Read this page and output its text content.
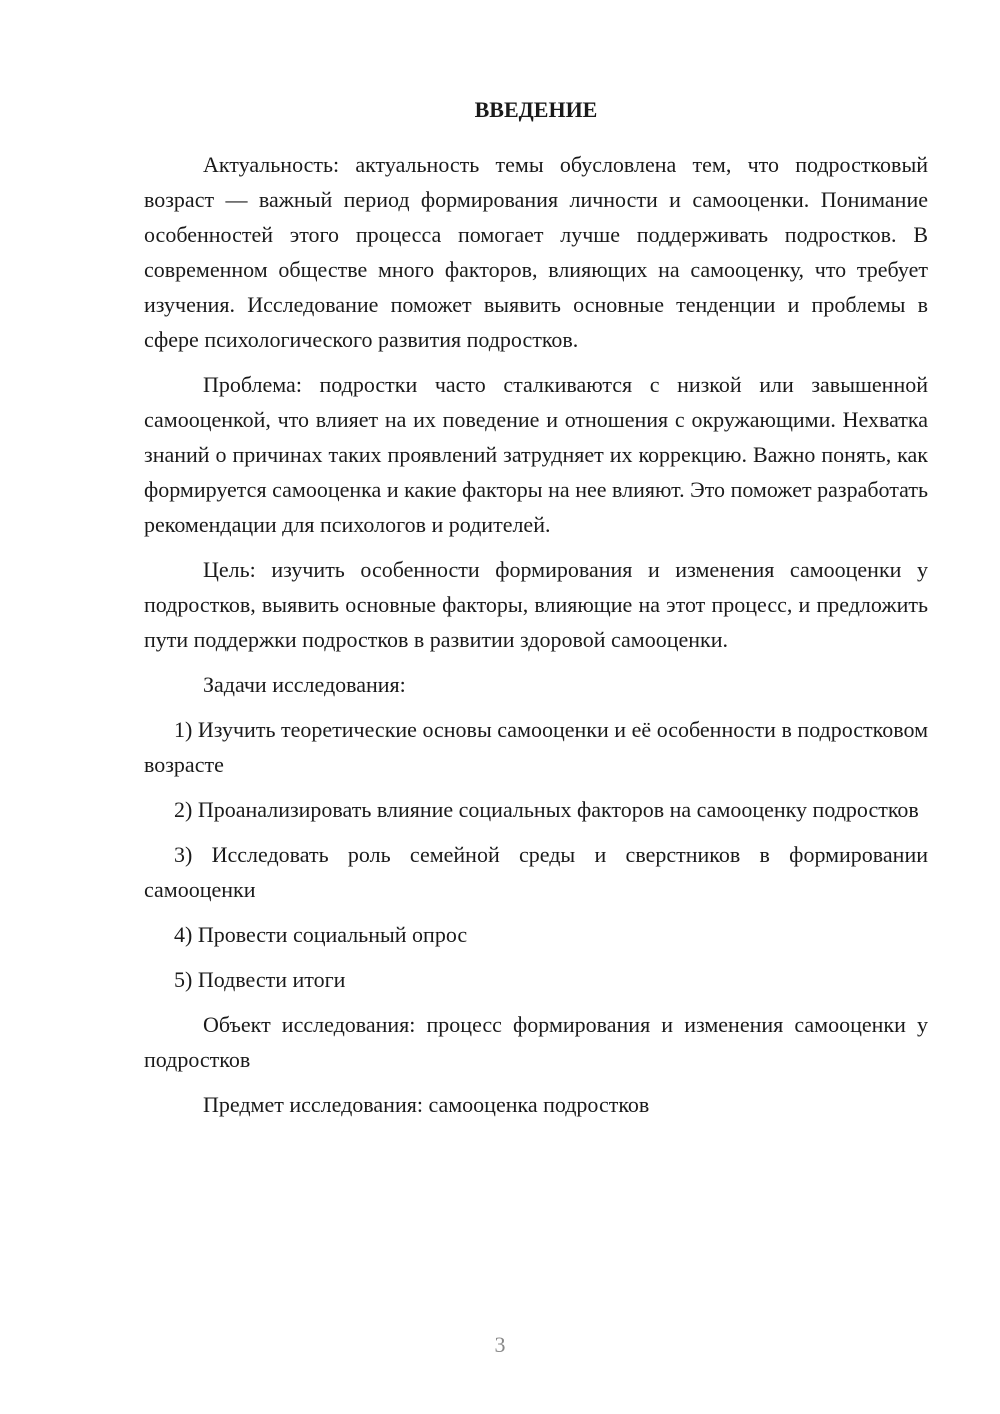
ВВЕДЕНИЕ

Актуальность: актуальность темы обусловлена тем, что подростковый возраст — важный период формирования личности и самооценки. Понимание особенностей этого процесса помогает лучше поддерживать подростков. В современном обществе много факторов, влияющих на самооценку, что требует изучения. Исследование поможет выявить основные тенденции и проблемы в сфере психологического развития подростков.

Проблема: подростки часто сталкиваются с низкой или завышенной самооценкой, что влияет на их поведение и отношения с окружающими. Нехватка знаний о причинах таких проявлений затрудняет их коррекцию. Важно понять, как формируется самооценка и какие факторы на нее влияют. Это поможет разработать рекомендации для психологов и родителей.

Цель: изучить особенности формирования и изменения самооценки у подростков, выявить основные факторы, влияющие на этот процесс, и предложить пути поддержки подростков в развитии здоровой самооценки.

Задачи исследования:

1) Изучить теоретические основы самооценки и её особенности в подростковом возрасте

2) Проанализировать влияние социальных факторов на самооценку подростков

3) Исследовать роль семейной среды и сверстников в формировании самооценки

4) Провести социальный опрос

5) Подвести итоги

Объект исследования: процесс формирования и изменения самооценки у подростков

Предмет исследования: самооценка подростков

3
